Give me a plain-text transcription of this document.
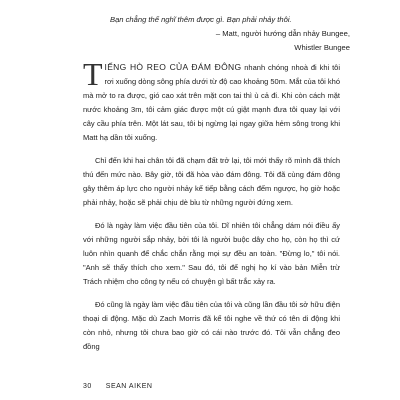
Bạn chẳng thể nghĩ thêm được gì. Bạn phải nhảy thôi.
– Matt, người hướng dẫn nhảy Bungee,
Whistler Bungee

TIẾNG HÒ REO CỦA ĐÁM ĐÔNG nhanh chóng nhoà đi khi tôi rơi xuống dòng sông phía dưới từ độ cao khoảng 50m. Mắt của tôi khó mà mở to ra được, gió cao xát trên mặt con tai thì ù cả đi. Khi còn cách mặt nước khoảng 3m, tôi cảm giác được một cú giật mạnh đưa tôi quay lại với cây cầu phía trên. Một lát sau, tôi bị ngừng lại ngay giữa hẻm sông trong khi Matt hạ dần tôi xuống.

Chỉ đến khi hai chân tôi đã chạm đất trở lại, tôi mới thấy rõ mình đã thích thú đến mức nào. Bây giờ, tôi đã hòa vào đám đông. Tôi đã cùng đám đông gây thêm áp lực cho người nhảy kế tiếp bằng cách đếm ngược, họ giờ hoặc phải nhảy, hoặc sẽ phải chịu dè bỉu từ những người đứng xem.

Đó là ngày làm việc đầu tiên của tôi. Dĩ nhiên tôi chẳng dám nói điều ấy với những người sắp nhảy, bởi tôi là người buộc dây cho họ, còn họ thì cứ luôn nhìn quanh để chắc chắn rằng mọi sự đều an toàn. "Đừng lo," tôi nói. "Anh sẽ thấy thích cho xem." Sau đó, tôi để nghị họ kí vào bản Miễn trừ Trách nhiệm cho công ty nếu có chuyện gì bất trắc xảy ra.

Đó cũng là ngày làm việc đầu tiên của tôi và cũng lần đầu tôi sở hữu điện thoại di động. Mặc dù Zach Morris đã kể tôi nghe về thứ có tên di động khi còn nhỏ, nhưng tôi chưa bao giờ có cái nào trước đó. Tôi vẫn chẳng đeo đồng

30 SEAN AIKEN
